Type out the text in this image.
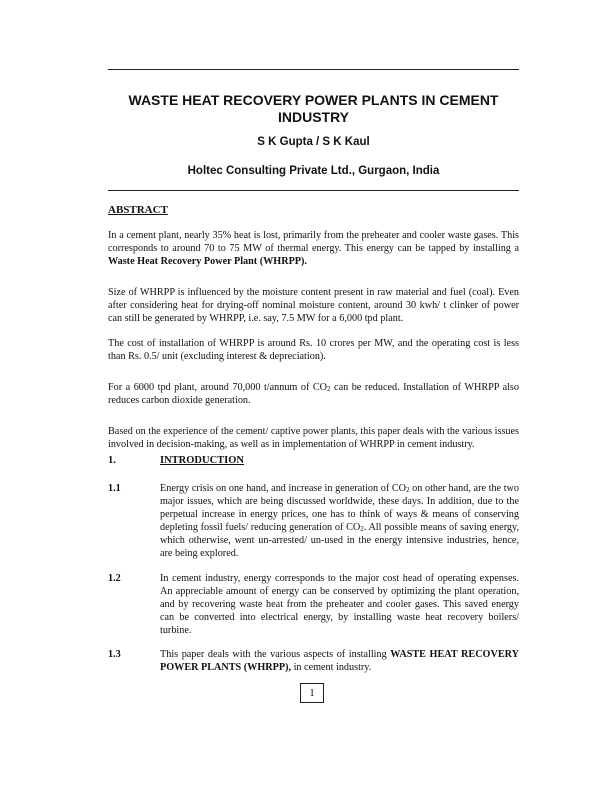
WASTE HEAT RECOVERY POWER PLANTS IN CEMENT INDUSTRY
S K Gupta / S K Kaul
Holtec Consulting Private Ltd., Gurgaon, India
ABSTRACT

In a cement plant, nearly 35% heat is lost, primarily from the preheater and cooler waste gases. This corresponds to around 70 to 75 MW of thermal energy. This energy can be tapped by installing a Waste Heat Recovery Power Plant (WHRPP).

Size of WHRPP is influenced by the moisture content present in raw material and fuel (coal). Even after considering heat for drying-off nominal moisture content, around 30 kwh/ t clinker of power can still be generated by WHRPP, i.e. say, 7.5 MW for a 6,000 tpd plant.

The cost of installation of WHRPP is around Rs. 10 crores per MW, and the operating cost is less than Rs. 0.5/ unit (excluding interest & depreciation).

For a 6000 tpd plant, around 70,000 t/annum of $CO_2$ can be reduced. Installation of WHRPP also reduces carbon dioxide generation.

Based on the experience of the cement/ captive power plants, this paper deals with the various issues involved in decision-making, as well as in implementation of WHRPP in cement industry.

1.	INTRODUCTION
1.1	Energy crisis on one hand, and increase in generation of $CO_2$ on other hand, are the two major issues, which are being discussed worldwide, these days. In addition, due to the perpetual increase in energy prices, one has to think of ways & means of conserving depleting fossil fuels/ reducing generation of $CO_2$. All possible means of saving energy, which otherwise, went un-arrested/ un-used in the energy intensive industries, hence, are being explored.
1.2	In cement industry, energy corresponds to the major cost head of operating expenses. An appreciable amount of energy can be conserved by optimizing the plant operation, and by recovering waste heat from the preheater and cooler gases. This saved energy can be converted into electrical energy, by installing waste heat recovery boilers/ turbine.
1.3	This paper deals with the various aspects of installing WASTE HEAT RECOVERY POWER PLANTS (WHRPP), in cement industry.
1
